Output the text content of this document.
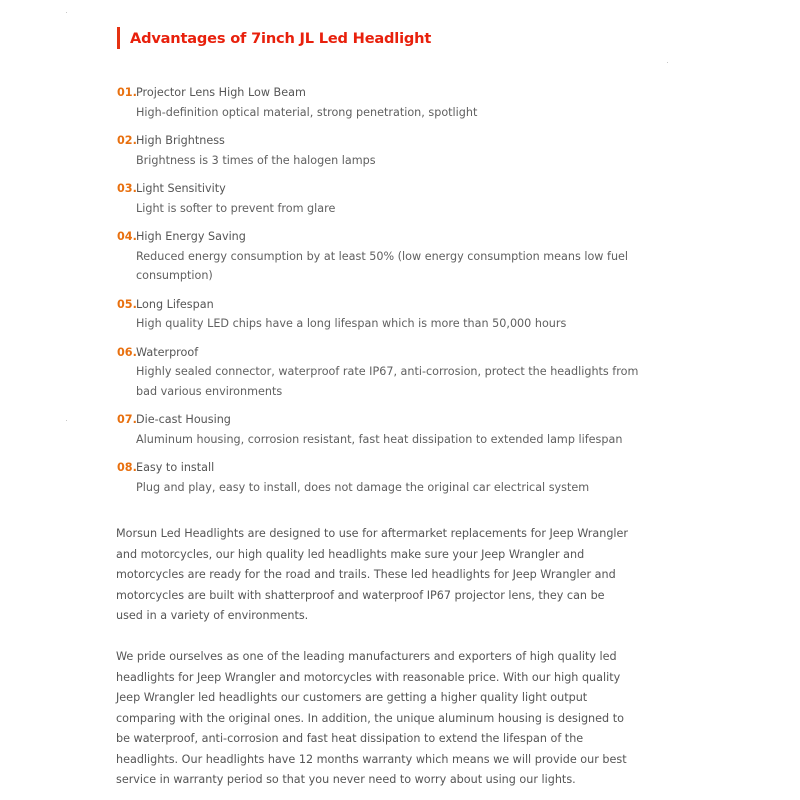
Advantages of 7inch JL Led Headlight
01. Projector Lens High Low Beam
High-definition optical material, strong penetration, spotlight
02. High Brightness
Brightness is 3 times of the halogen lamps
03. Light Sensitivity
Light is softer to prevent from glare
04. High Energy Saving
Reduced energy consumption by at least 50% (low energy consumption means low fuel consumption)
05. Long Lifespan
High quality LED chips have a long lifespan which is more than 50,000 hours
06. Waterproof
Highly sealed connector, waterproof rate IP67, anti-corrosion, protect the headlights from bad various environments
07. Die-cast Housing
Aluminum housing, corrosion resistant, fast heat dissipation to extended lamp lifespan
08. Easy to install
Plug and play, easy to install, does not damage the original car electrical system

Morsun Led Headlights are designed to use for aftermarket replacements for Jeep Wrangler and motorcycles, our high quality led headlights make sure your Jeep Wrangler and motorcycles are ready for the road and trails. These led headlights for Jeep Wrangler and motorcycles are built with shatterproof and waterproof IP67 projector lens, they can be used in a variety of environments.

We pride ourselves as one of the leading manufacturers and exporters of high quality led headlights for Jeep Wrangler and motorcycles with reasonable price. With our high quality Jeep Wrangler led headlights our customers are getting a higher quality light output comparing with the original ones. In addition, the unique aluminum housing is designed to be waterproof, anti-corrosion and fast heat dissipation to extend the lifespan of the headlights. Our headlights have 12 months warranty which means we will provide our best service in warranty period so that you never need to worry about using our lights.
